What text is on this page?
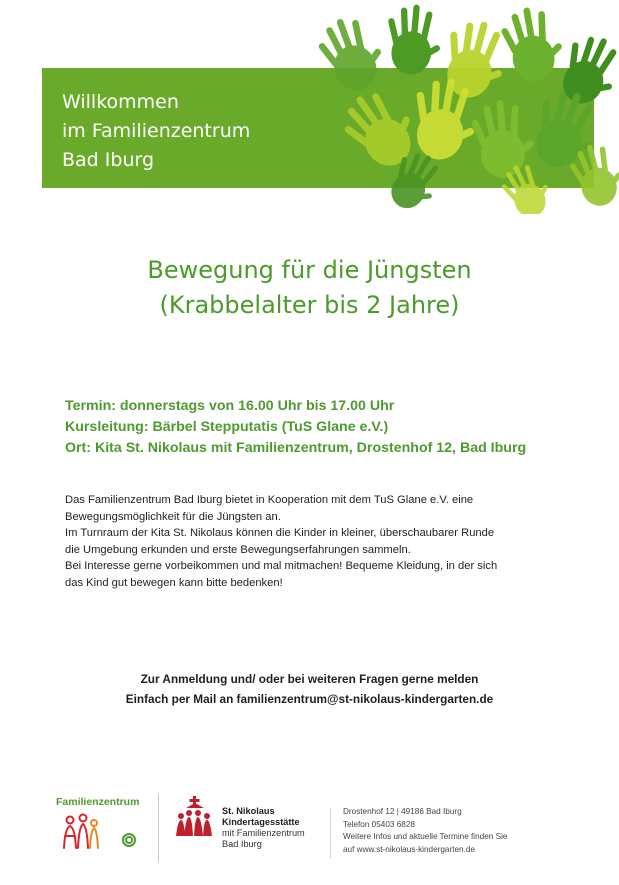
Willkommen
im Familienzentrum
Bad Iburg
Bewegung für die Jüngsten
(Krabbelalter bis 2 Jahre)
Termin: donnerstags von 16.00 Uhr bis 17.00 Uhr
Kursleitung: Bärbel Stepputatis (TuS Glane e.V.)
Ort: Kita St. Nikolaus mit Familienzentrum, Drostenhof 12, Bad Iburg
Das Familienzentrum Bad Iburg bietet in Kooperation mit dem TuS Glane e.V. eine
Bewegungsmöglichkeit für die Jüngsten an.
Im Turnraum der Kita St. Nikolaus können die Kinder in kleiner, überschaubarer Runde
die Umgebung erkunden und erste Bewegungserfahrungen sammeln.
Bei Interesse gerne vorbeikommen und mal mitmachen! Bequeme Kleidung, in der sich
das Kind gut bewegen kann bitte bedenken!
Zur Anmeldung und/ oder bei weiteren Fragen gerne melden
Einfach per Mail an familienzentrum@st-nikolaus-kindergarten.de
Familienzentrum
St. Nikolaus
Kindertagesstätte
mit Familienzentrum
Bad Iburg
Drostenhof 12 | 49186 Bad Iburg
Telefon 05403 6828
Weitere Infos und aktuelle Termine finden Sie
auf www.st-nikolaus-kindergarten.de
